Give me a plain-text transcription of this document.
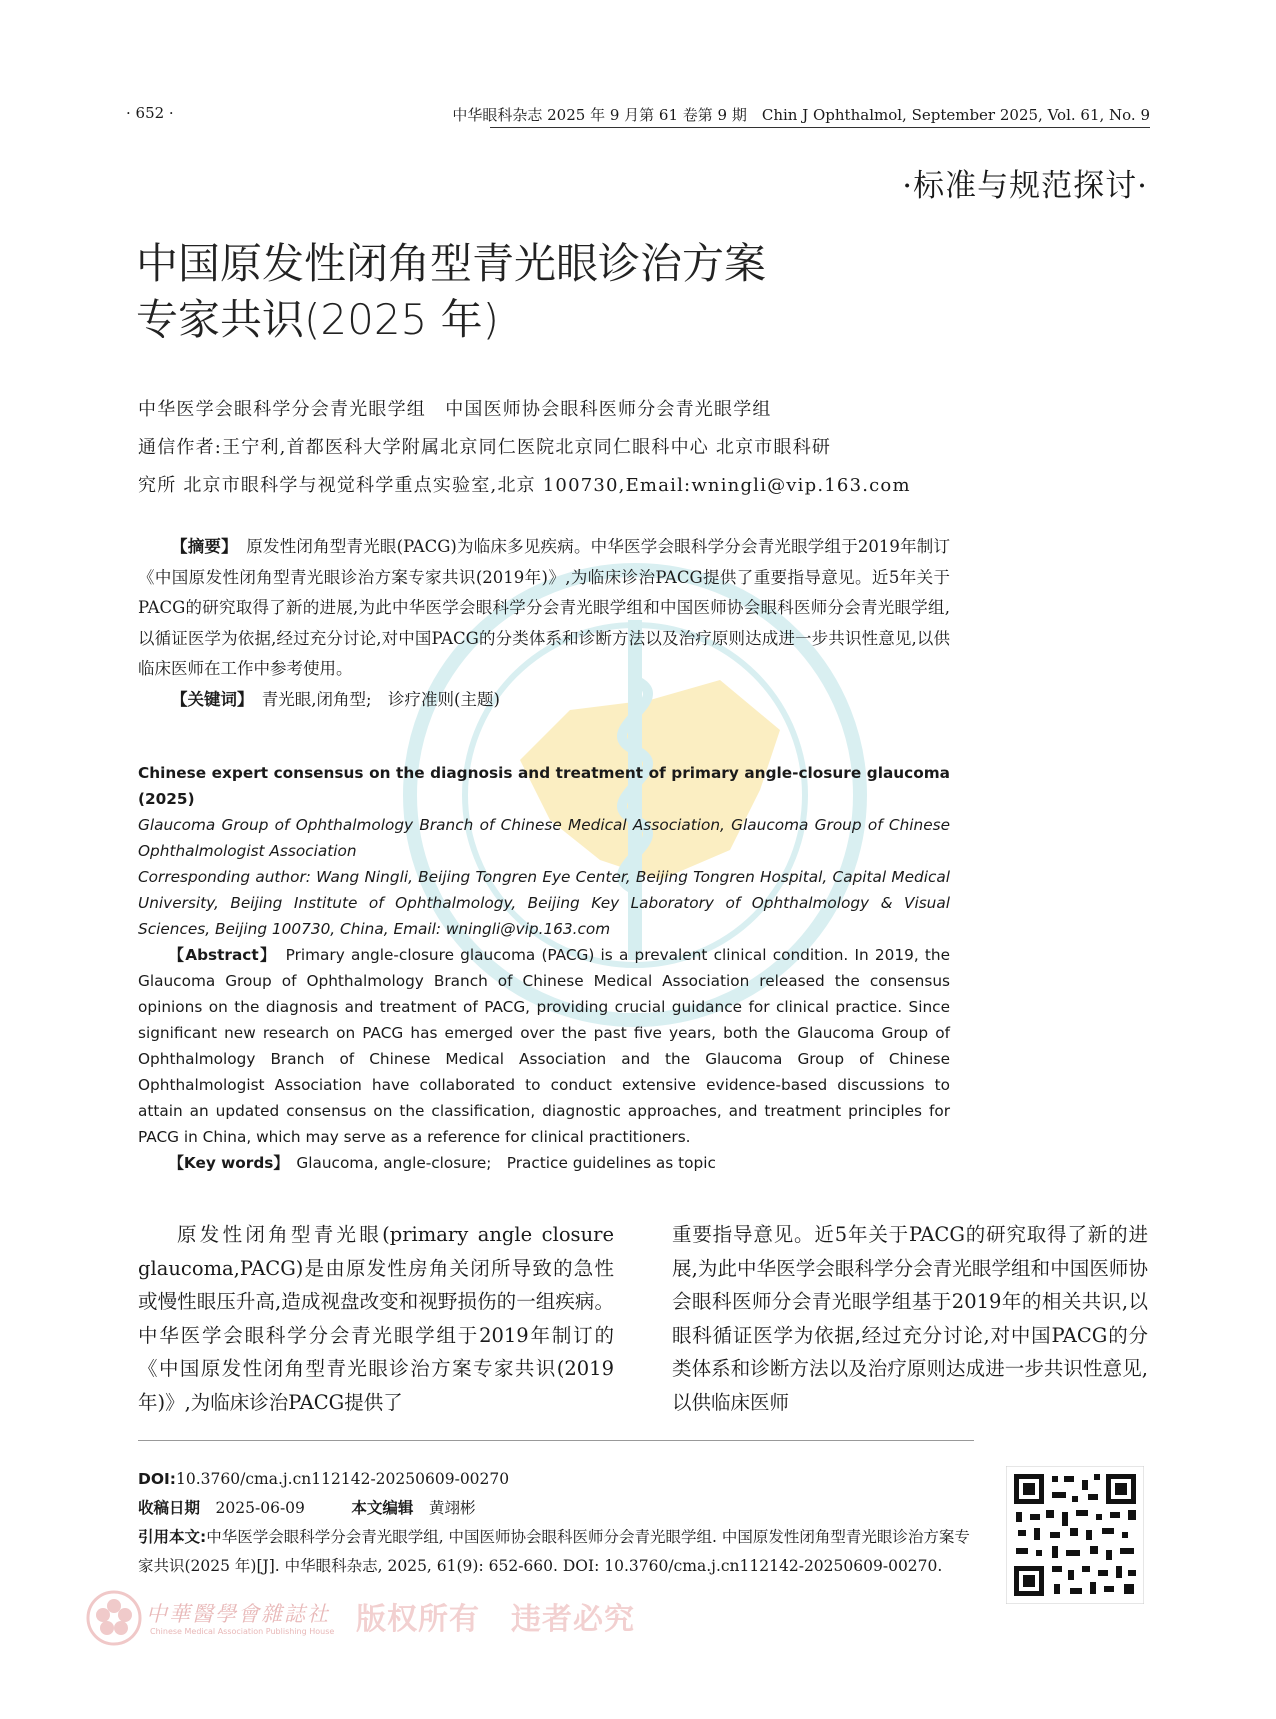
· 652 ·	中华眼科杂志 2025 年 9 月第 61 卷第 9 期　Chin J Ophthalmol, September 2025, Vol. 61, No. 9
·标准与规范探讨·
中国原发性闭角型青光眼诊治方案
专家共识(2025 年)
中华医学会眼科学分会青光眼学组　中国医师协会眼科医师分会青光眼学组
通信作者:王宁利,首都医科大学附属北京同仁医院北京同仁眼科中心 北京市眼科研
究所 北京市眼科学与视觉科学重点实验室,北京 100730,Email:wningli@vip.163.com

【摘要】　 原发性闭角型青光眼(PACG)为临床多见疾病。中华医学会眼科学分会青光眼学组于2019年制订《中国原发性闭角型青光眼诊治方案专家共识(2019年)》,为临床诊治PACG提供了重要指导意见。近5年关于PACG的研究取得了新的进展,为此中华医学会眼科学分会青光眼学组和中国医师协会眼科医师分会青光眼学组,以循证医学为依据,经过充分讨论,对中国PACG的分类体系和诊断方法以及治疗原则达成进一步共识性意见,以供临床医师在工作中参考使用。

【关键词】　 青光眼,闭角型;　诊疗准则(主题)

Chinese expert consensus on the diagnosis and treatment of primary angle-closure glaucoma (2025)

Glaucoma Group of Ophthalmology Branch of Chinese Medical Association, Glaucoma Group of Chinese Ophthalmologist Association

Corresponding author: Wang Ningli, Beijing Tongren Eye Center, Beijing Tongren Hospital, Capital Medical University, Beijing Institute of Ophthalmology, Beijing Key Laboratory of Ophthalmology & Visual Sciences, Beijing 100730, China, Email: wningli@vip.163.com

【Abstract】　 Primary angle-closure glaucoma (PACG) is a prevalent clinical condition. In 2019, the Glaucoma Group of Ophthalmology Branch of Chinese Medical Association released the consensus opinions on the diagnosis and treatment of PACG, providing crucial guidance for clinical practice. Since significant new research on PACG has emerged over the past five years, both the Glaucoma Group of Ophthalmology Branch of Chinese Medical Association and the Glaucoma Group of Chinese Ophthalmologist Association have collaborated to conduct extensive evidence-based discussions to attain an updated consensus on the classification, diagnostic approaches, and treatment principles for PACG in China, which may serve as a reference for clinical practitioners.

【Key words】　 Glaucoma, angle-closure;　Practice guidelines as topic

原发性闭角型青光眼(primary angle closure glaucoma,PACG)是由原发性房角关闭所导致的急性或慢性眼压升高,造成视盘改变和视野损伤的一组疾病。中华医学会眼科学分会青光眼学组于2019年制订的《中国原发性闭角型青光眼诊治方案专家共识(2019年)》,为临床诊治PACG提供了

重要指导意见。近5年关于PACG的研究取得了新的进展,为此中华医学会眼科学分会青光眼学组和中国医师协会眼科医师分会青光眼学组基于2019年的相关共识,以眼科循证医学为依据,经过充分讨论,对中国PACG的分类体系和诊断方法以及治疗原则达成进一步共识性意见,以供临床医师

DOI:10.3760/cma.j.cn112142-20250609-00270
收稿日期　 2025-06-09　　　	本文编辑　 黄翊彬
引用本文:中华医学会眼科学分会青光眼学组, 中国医师协会眼科医师分会青光眼学组. 中国原发性闭角型青光眼诊治方案专家共识(2025 年)[J]. 中华眼科杂志, 2025, 61(9): 652-660. DOI: 10.3760/cma.j.cn112142-20250609-00270.
中華醫學會雜誌社
Chinese Medical Association Publishing House 版权所有　违者必究
